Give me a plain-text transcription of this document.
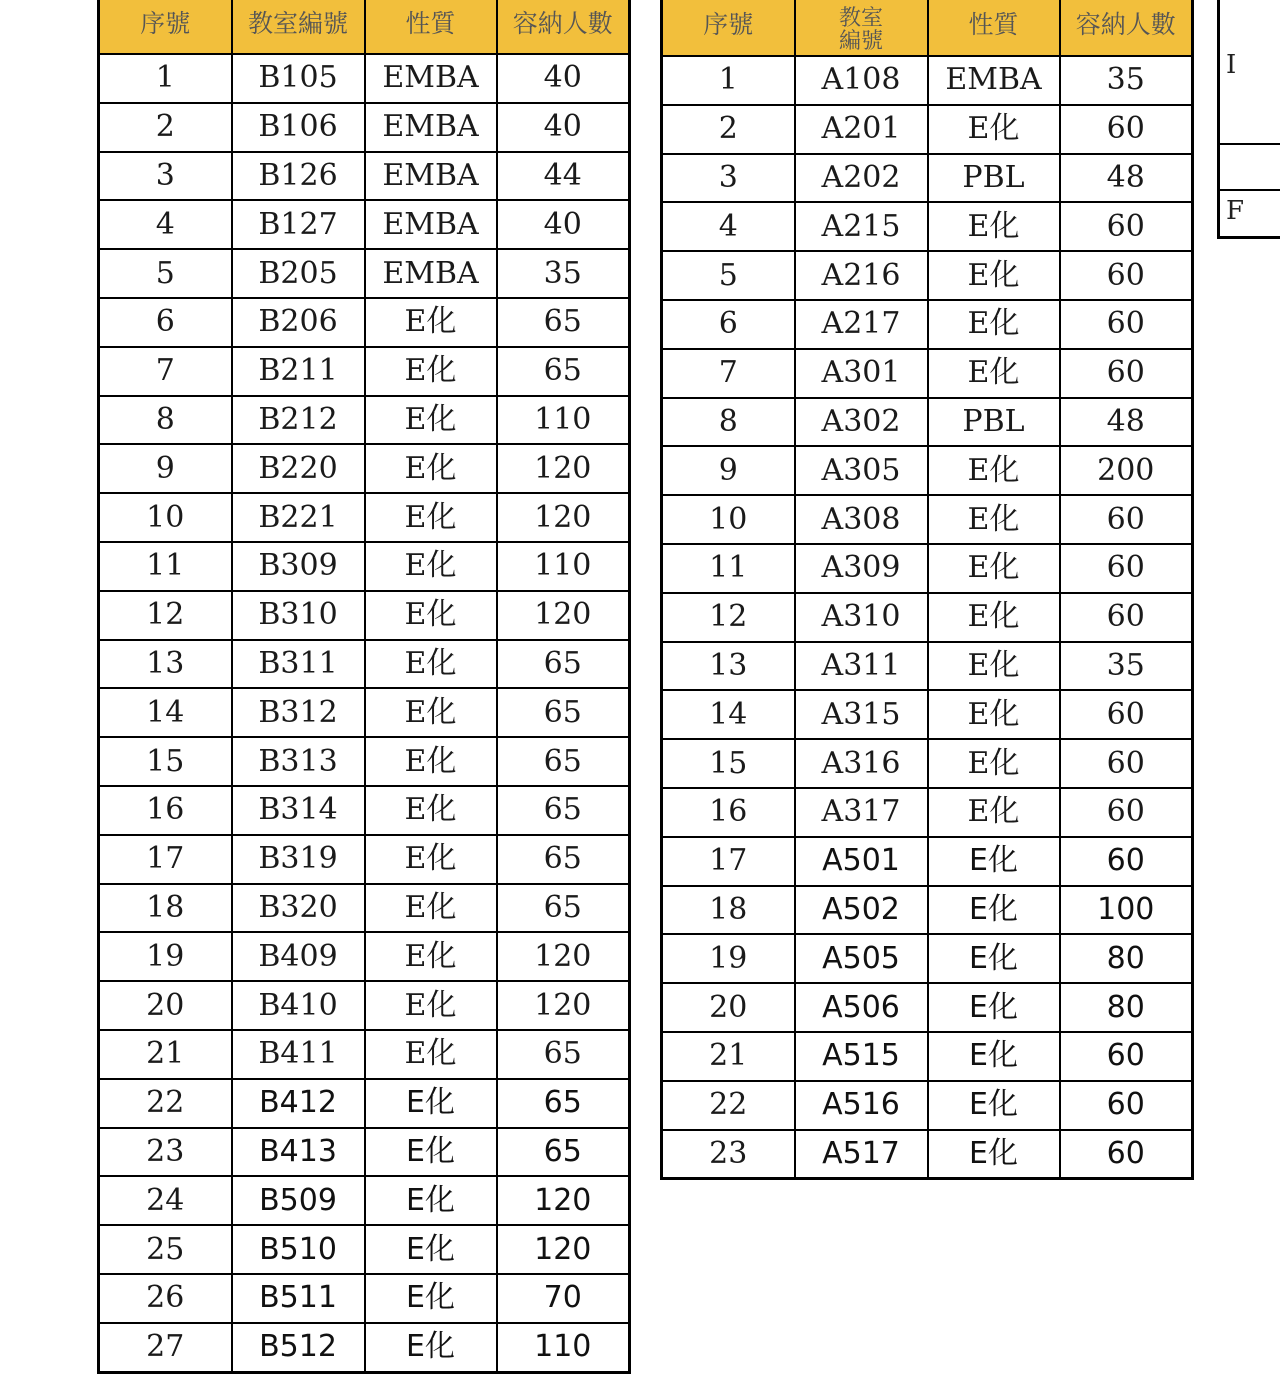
序號	教室編號	性質	容納人數
1	B105	EMBA	40
2	B106	EMBA	40
3	B126	EMBA	44
4	B127	EMBA	40
5	B205	EMBA	35
6	B206	E化	65
7	B211	E化	65
8	B212	E化	110
9	B220	E化	120
10	B221	E化	120
11	B309	E化	110
12	B310	E化	120
13	B311	E化	65
14	B312	E化	65
15	B313	E化	65
16	B314	E化	65
17	B319	E化	65
18	B320	E化	65
19	B409	E化	120
20	B410	E化	120
21	B411	E化	65
22	B412	E化	65
23	B413	E化	65
24	B509	E化	120
25	B510	E化	120
26	B511	E化	70
27	B512	E化	110
序號	教室編號	性質	容納人數
1	A108	EMBA	35
2	A201	E化	60
3	A202	PBL	48
4	A215	E化	60
5	A216	E化	60
6	A217	E化	60
7	A301	E化	60
8	A302	PBL	48
9	A305	E化	200
10	A308	E化	60
11	A309	E化	60
12	A310	E化	60
13	A311	E化	35
14	A315	E化	60
15	A316	E化	60
16	A317	E化	60
17	A501	E化	60
18	A502	E化	100
19	A505	E化	80
20	A506	E化	80
21	A515	E化	60
22	A516	E化	60
23	A517	E化	60
I
F
